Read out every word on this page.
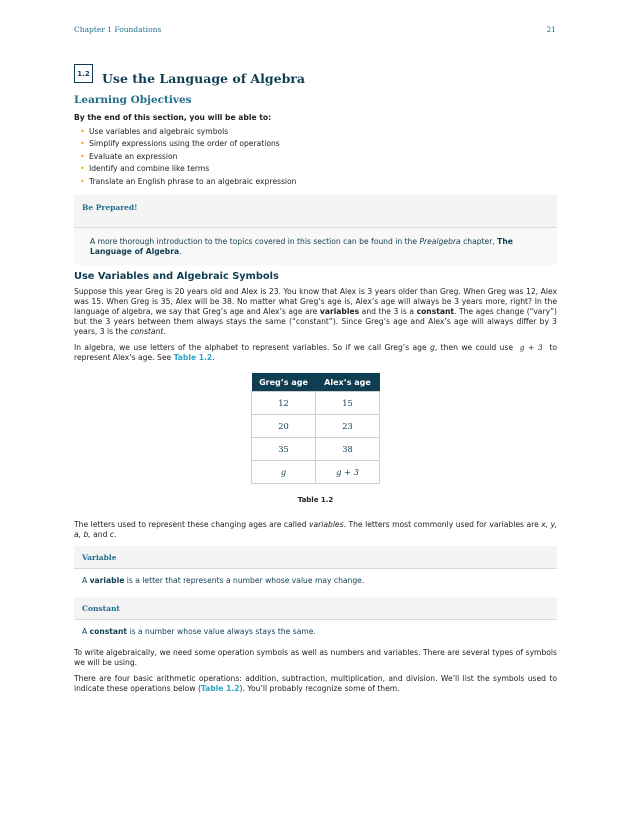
Chapter 1 Foundations	21
1.2 Use the Language of Algebra
Learning Objectives
By the end of this section, you will be able to:
• Use variables and algebraic symbols
• Simplify expressions using the order of operations
• Evaluate an expression
• Identify and combine like terms
• Translate an English phrase to an algebraic expression
Be Prepared!
A more thorough introduction to the topics covered in this section can be found in the Prealgebra chapter, The Language of Algebra.
Use Variables and Algebraic Symbols

Suppose this year Greg is 20 years old and Alex is 23. You know that Alex is 3 years older than Greg. When Greg was 12, Alex was 15. When Greg is 35, Alex will be 38. No matter what Greg’s age is, Alex’s age will always be 3 years more, right? In the language of algebra, we say that Greg’s age and Alex’s age are variables and the 3 is a constant. The ages change (“vary”) but the 3 years between them always stays the same (“constant”). Since Greg’s age and Alex’s age will always differ by 3 years, 3 is the constant.

In algebra, we use letters of the alphabet to represent variables. So if we call Greg’s age g, then we could use  g + 3  to represent Alex’s age. See Table 1.2.

Greg’s age	Alex’s age
12	15
20	23
35	38
g	g + 3
Table 1.2

The letters used to represent these changing ages are called variables. The letters most commonly used for variables are x, y, a, b, and c.

Variable
A variable is a letter that represents a number whose value may change.
Constant
A constant is a number whose value always stays the same.

To write algebraically, we need some operation symbols as well as numbers and variables. There are several types of symbols we will be using.

There are four basic arithmetic operations: addition, subtraction, multiplication, and division. We’ll list the symbols used to indicate these operations below (Table 1.2). You’ll probably recognize some of them.
